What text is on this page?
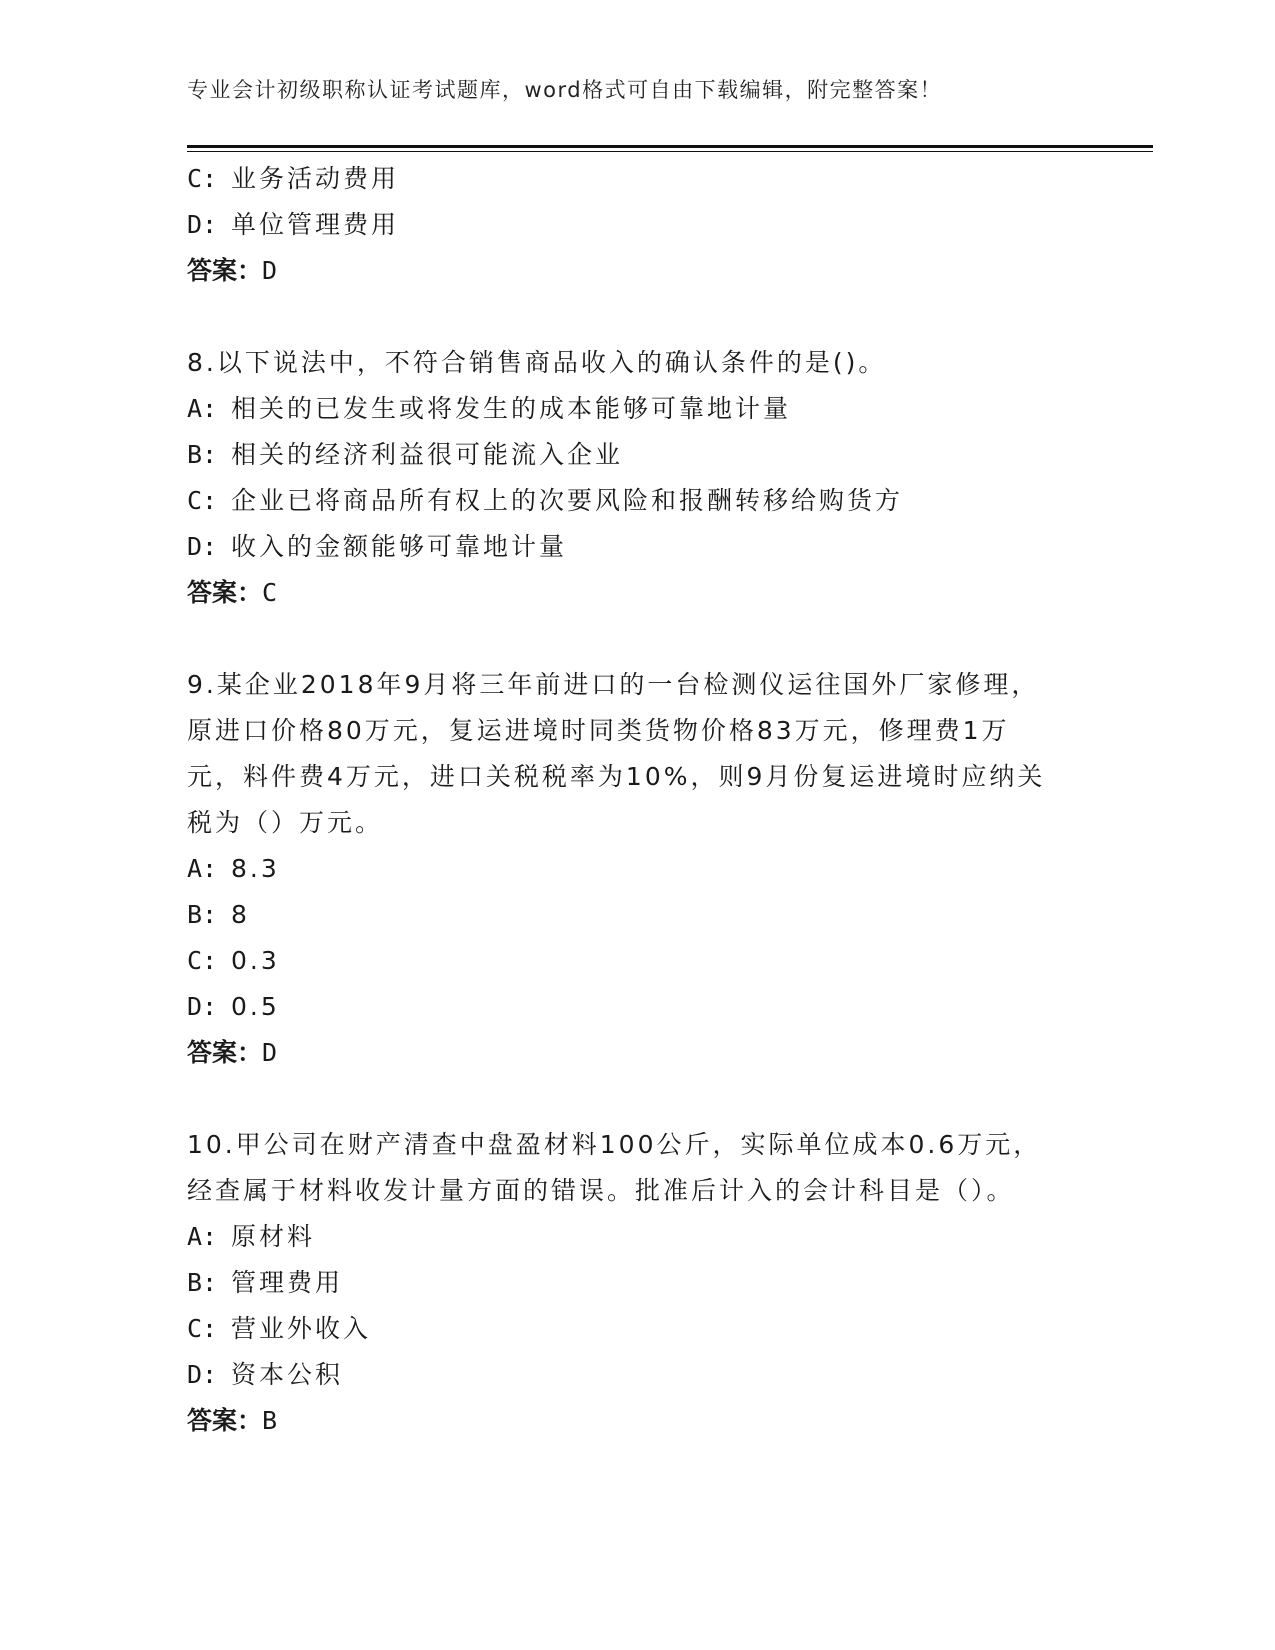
专业会计初级职称认证考试题库，word格式可自由下载编辑，附完整答案！
C: 业务活动费用
D: 单位管理费用
答案：D
8.以下说法中，不符合销售商品收入的确认条件的是()。
A: 相关的已发生或将发生的成本能够可靠地计量
B: 相关的经济利益很可能流入企业
C: 企业已将商品所有权上的次要风险和报酬转移给购货方
D: 收入的金额能够可靠地计量
答案：C
9.某企业2018年9月将三年前进口的一台检测仪运往国外厂家修理，
原进口价格80万元，复运进境时同类货物价格83万元，修理费1万
元，料件费4万元，进口关税税率为10%，则9月份复运进境时应纳关
税为（）万元。
A: 8.3
B: 8
C: 0.3
D: 0.5
答案：D
10.甲公司在财产清查中盘盈材料100公斤，实际单位成本0.6万元，
经查属于材料收发计量方面的错误。批准后计入的会计科目是（）。
A: 原材料
B: 管理费用
C: 营业外收入
D: 资本公积
答案：B
